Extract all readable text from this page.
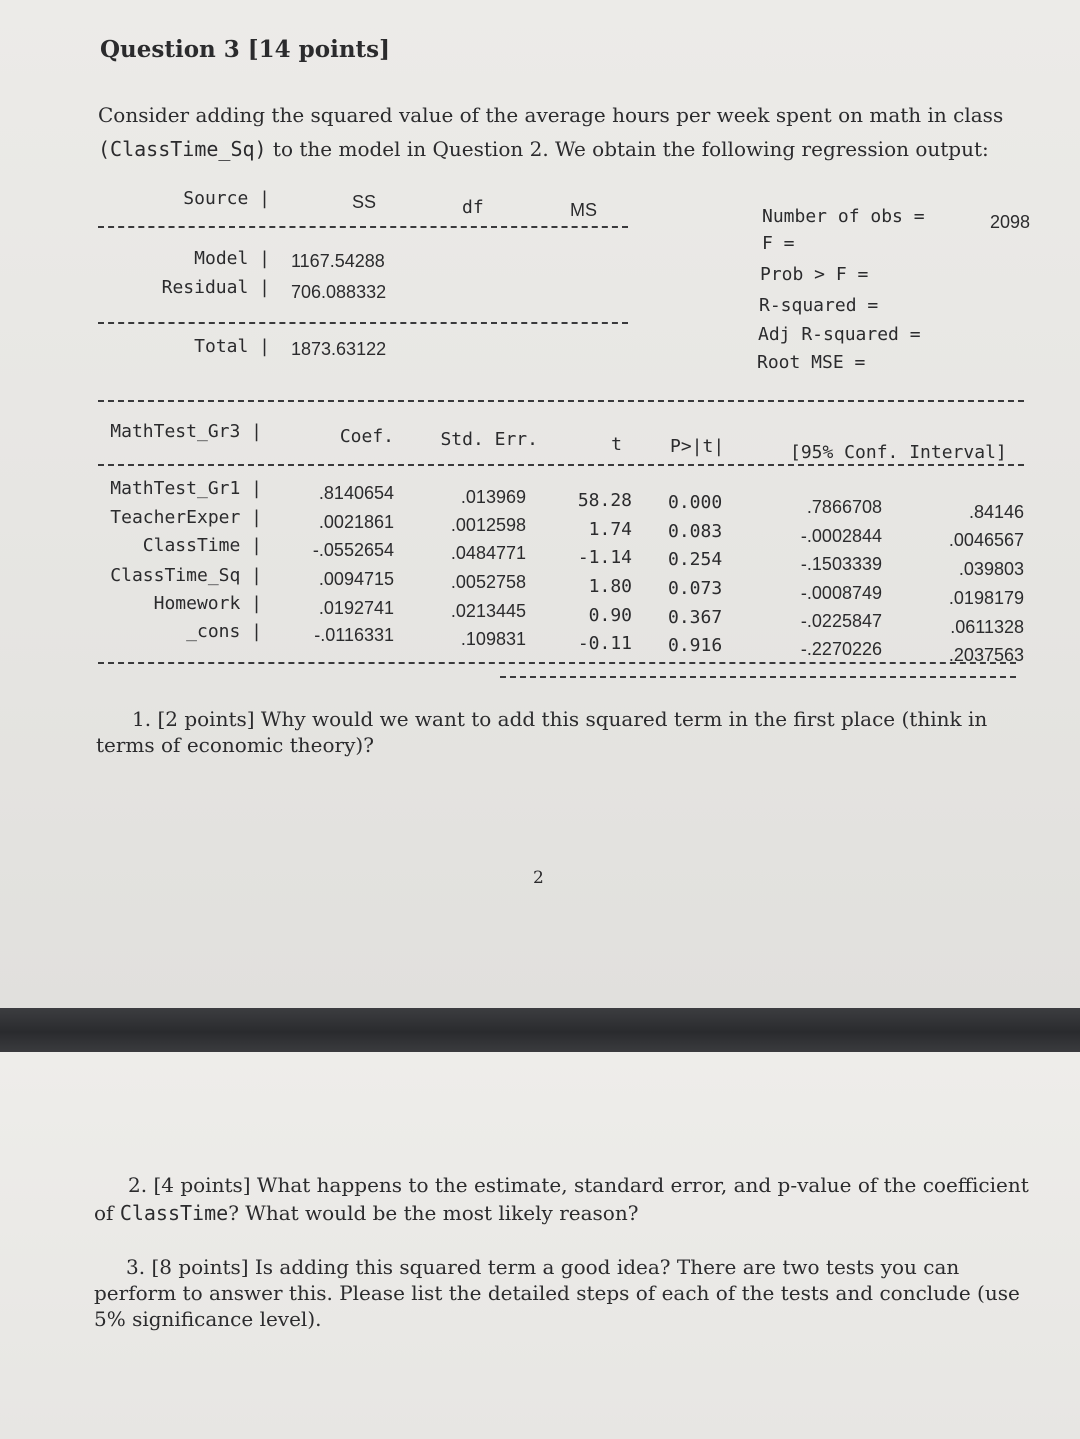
Question 3 [14 points]
Consider adding the squared value of the average hours per week spent on math in class
(ClassTime_Sq) to the model in Question 2. We obtain the following regression output:
Source |	SS	df	MS
Model | 1167.54288
Residual | 706.088332
Total | 1873.63122
Number of obs =	2098
F =
Prob > F =
R-squared =
Adj R-squared =
Root MSE =
MathTest_Gr3 |	Coef.	Std. Err.	t	P>|t|	[95% Conf. Interval]
MathTest_Gr1 |	.8140654	.013969	58.28 0.000	.7866708	.84146
TeacherExper |	.0021861	.0012598	1.74 0.083	-.0002844	.0046567
ClassTime |	-.0552654	.0484771	-1.14 0.254	-.1503339	.039803
ClassTime_Sq |	.0094715	.0052758	1.80 0.073	-.0008749	.0198179
Homework |	.0192741	.0213445	0.90 0.367	-.0225847	.0611328
_cons |	-.0116331	.109831	-0.11 0.916	-.2270226	.2037563
1. [2 points] Why would we want to add this squared term in the first place (think in
terms of economic theory)?
2
2. [4 points] What happens to the estimate, standard error, and p-value of the coefficient
of ClassTime? What would be the most likely reason?
3. [8 points] Is adding this squared term a good idea? There are two tests you can
perform to answer this. Please list the detailed steps of each of the tests and conclude (use
5% significance level).
